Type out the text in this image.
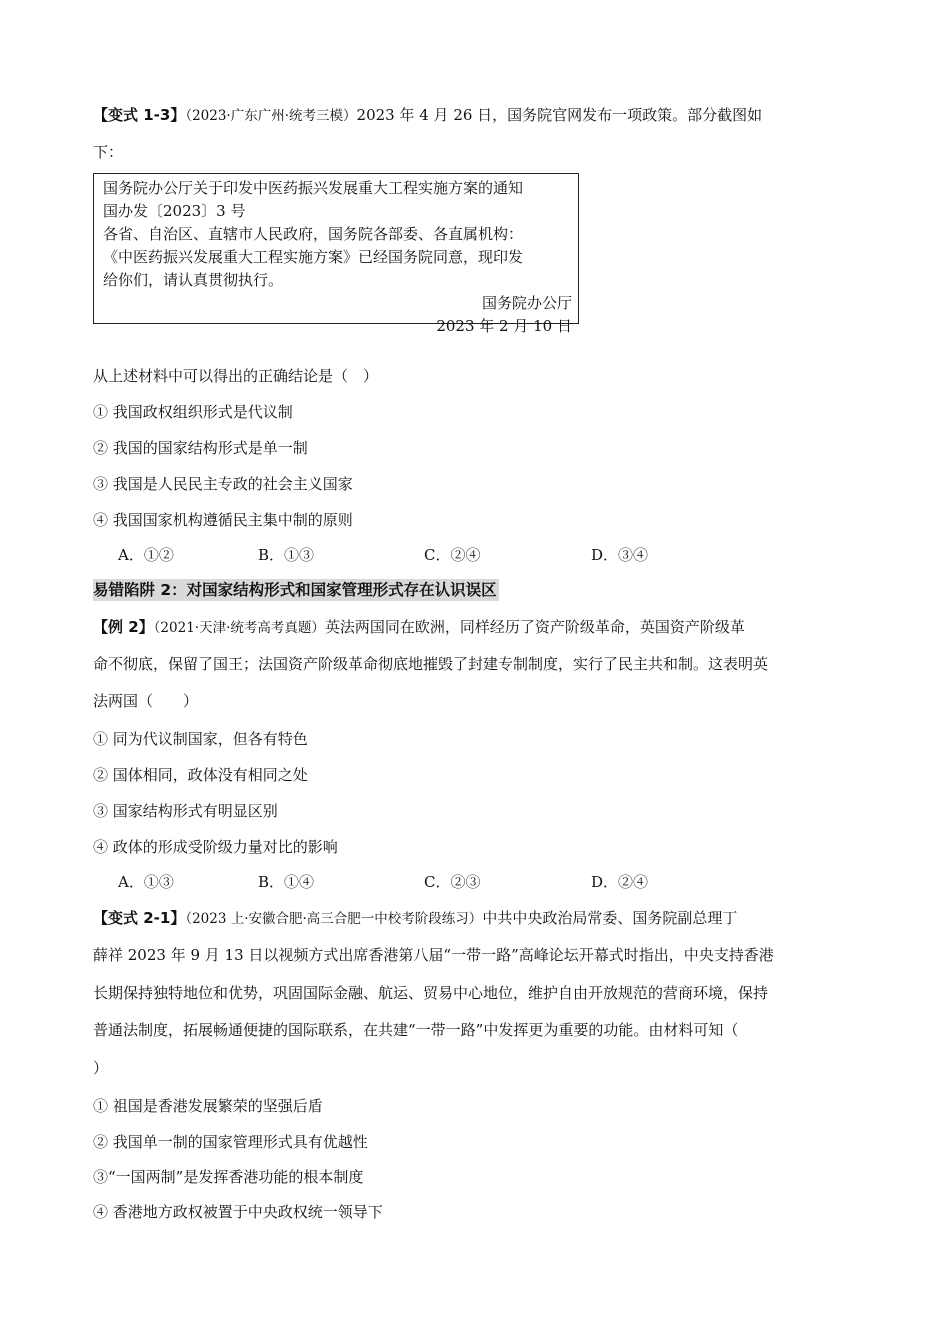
【变式 1-3】（2023·广东广州·统考三模）2023 年 4 月 26 日，国务院官网发布一项政策。部分截图如
下：
国务院办公厅关于印发中医药振兴发展重大工程实施方案的通知
国办发〔2023〕3 号
各省、自治区、直辖市人民政府，国务院各部委、各直属机构：
《中医药振兴发展重大工程实施方案》已经国务院同意，现印发
给你们，请认真贯彻执行。
国务院办公厅
2023 年 2 月 10 日
从上述材料中可以得出的正确结论是（　）
① 我国政权组织形式是代议制
② 我国的国家结构形式是单一制
③ 我国是人民民主专政的社会主义国家
④ 我国国家机构遵循民主集中制的原则
A．①②	B．①③	C．②④	D．③④
易错陷阱 2：对国家结构形式和国家管理形式存在认识误区
【例 2】（2021·天津·统考高考真题）英法两国同在欧洲，同样经历了资产阶级革命，英国资产阶级革
命不彻底，保留了国王；法国资产阶级革命彻底地摧毁了封建专制制度，实行了民主共和制。这表明英
法两国（　　）
① 同为代议制国家，但各有特色
② 国体相同，政体没有相同之处
③ 国家结构形式有明显区别
④ 政体的形成受阶级力量对比的影响
A．①③	B．①④	C．②③	D．②④
【变式 2-1】（2023 上·安徽合肥·高三合肥一中校考阶段练习）中共中央政治局常委、国务院副总理丁
薛祥 2023 年 9 月 13 日以视频方式出席香港第八届“一带一路”高峰论坛开幕式时指出，中央支持香港
长期保持独特地位和优势，巩固国际金融、航运、贸易中心地位，维护自由开放规范的营商环境，保持
普通法制度，拓展畅通便捷的国际联系，在共建“一带一路”中发挥更为重要的功能。由材料可知（
）
① 祖国是香港发展繁荣的坚强后盾
② 我国单一制的国家管理形式具有优越性
③“一国两制”是发挥香港功能的根本制度
④ 香港地方政权被置于中央政权统一领导下
